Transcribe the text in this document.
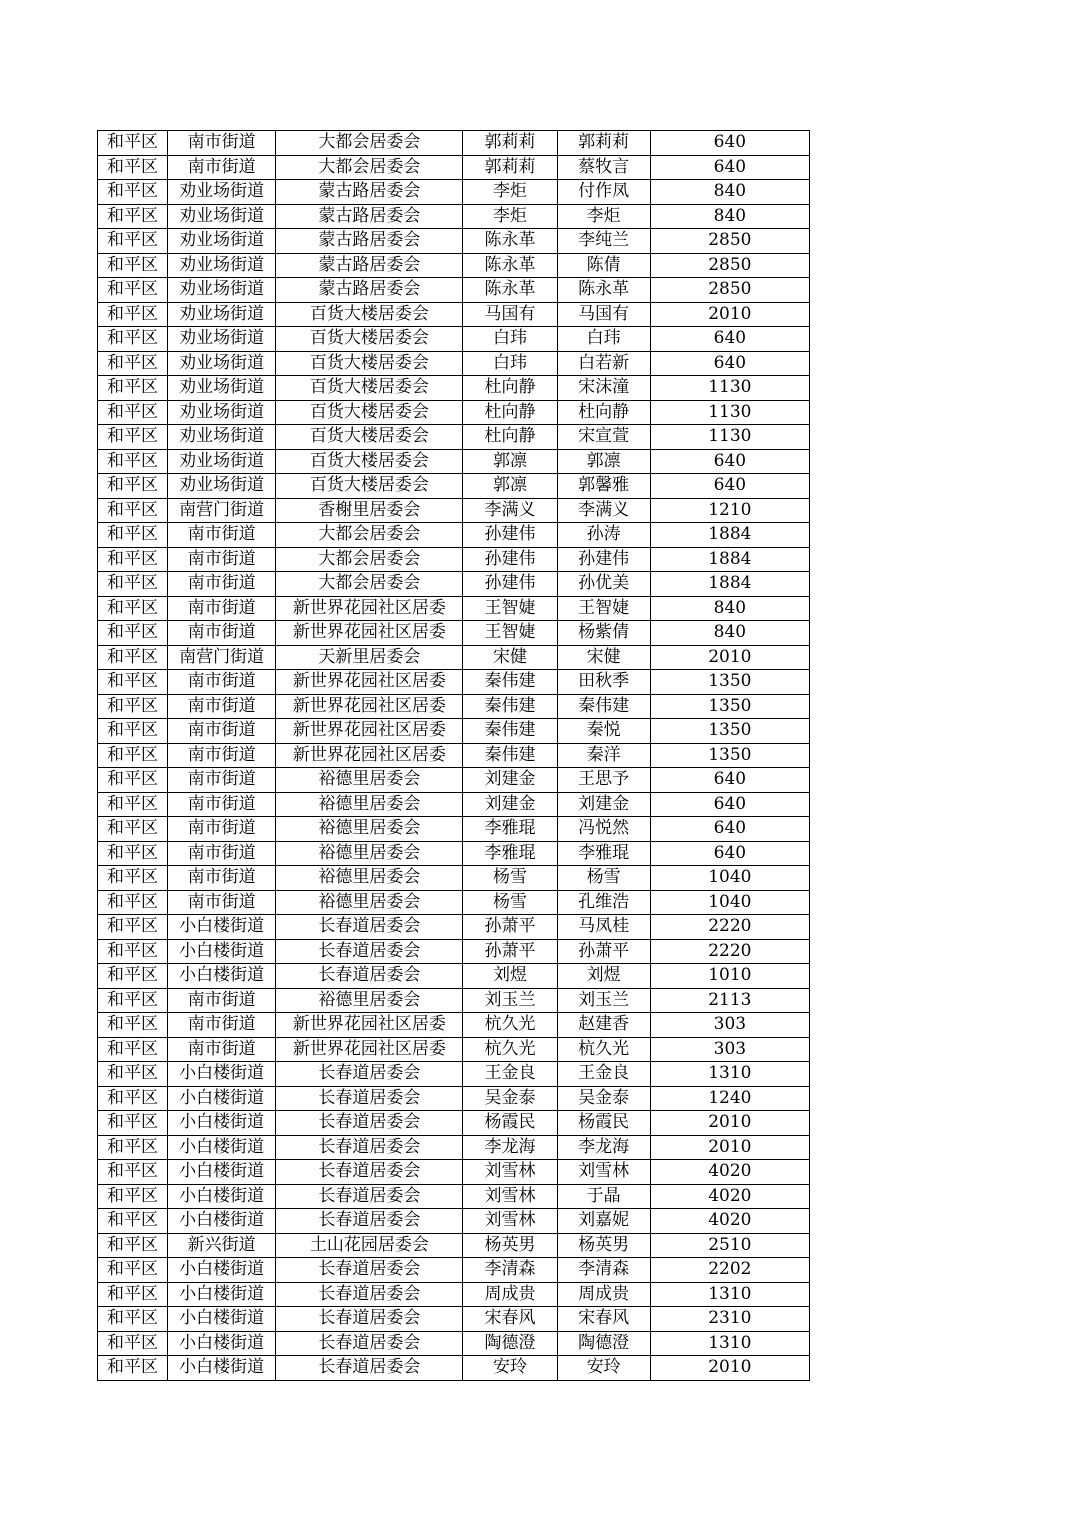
和平区	南市街道	大都会居委会	郭莉莉	郭莉莉	640
和平区	南市街道	大都会居委会	郭莉莉	蔡牧言	640
和平区	劝业场街道	蒙古路居委会	李炬	付作凤	840
和平区	劝业场街道	蒙古路居委会	李炬	李炬	840
和平区	劝业场街道	蒙古路居委会	陈永革	李纯兰	2850
和平区	劝业场街道	蒙古路居委会	陈永革	陈倩	2850
和平区	劝业场街道	蒙古路居委会	陈永革	陈永革	2850
和平区	劝业场街道	百货大楼居委会	马国有	马国有	2010
和平区	劝业场街道	百货大楼居委会	白玮	白玮	640
和平区	劝业场街道	百货大楼居委会	白玮	白若新	640
和平区	劝业场街道	百货大楼居委会	杜向静	宋沫潼	1130
和平区	劝业场街道	百货大楼居委会	杜向静	杜向静	1130
和平区	劝业场街道	百货大楼居委会	杜向静	宋宣萱	1130
和平区	劝业场街道	百货大楼居委会	郭凛	郭凛	640
和平区	劝业场街道	百货大楼居委会	郭凛	郭馨雅	640
和平区	南营门街道	香榭里居委会	李满义	李满义	1210
和平区	南市街道	大都会居委会	孙建伟	孙涛	1884
和平区	南市街道	大都会居委会	孙建伟	孙建伟	1884
和平区	南市街道	大都会居委会	孙建伟	孙优美	1884
和平区	南市街道	新世界花园社区居委	王智婕	王智婕	840
和平区	南市街道	新世界花园社区居委	王智婕	杨紫倩	840
和平区	南营门街道	天新里居委会	宋健	宋健	2010
和平区	南市街道	新世界花园社区居委	秦伟建	田秋季	1350
和平区	南市街道	新世界花园社区居委	秦伟建	秦伟建	1350
和平区	南市街道	新世界花园社区居委	秦伟建	秦悦	1350
和平区	南市街道	新世界花园社区居委	秦伟建	秦洋	1350
和平区	南市街道	裕德里居委会	刘建金	王思予	640
和平区	南市街道	裕德里居委会	刘建金	刘建金	640
和平区	南市街道	裕德里居委会	李雅琨	冯悦然	640
和平区	南市街道	裕德里居委会	李雅琨	李雅琨	640
和平区	南市街道	裕德里居委会	杨雪	杨雪	1040
和平区	南市街道	裕德里居委会	杨雪	孔维浩	1040
和平区	小白楼街道	长春道居委会	孙萧平	马凤桂	2220
和平区	小白楼街道	长春道居委会	孙萧平	孙萧平	2220
和平区	小白楼街道	长春道居委会	刘煜	刘煜	1010
和平区	南市街道	裕德里居委会	刘玉兰	刘玉兰	2113
和平区	南市街道	新世界花园社区居委	杭久光	赵建香	303
和平区	南市街道	新世界花园社区居委	杭久光	杭久光	303
和平区	小白楼街道	长春道居委会	王金良	王金良	1310
和平区	小白楼街道	长春道居委会	吴金泰	吴金泰	1240
和平区	小白楼街道	长春道居委会	杨霞民	杨霞民	2010
和平区	小白楼街道	长春道居委会	李龙海	李龙海	2010
和平区	小白楼街道	长春道居委会	刘雪林	刘雪林	4020
和平区	小白楼街道	长春道居委会	刘雪林	于晶	4020
和平区	小白楼街道	长春道居委会	刘雪林	刘嘉妮	4020
和平区	新兴街道	土山花园居委会	杨英男	杨英男	2510
和平区	小白楼街道	长春道居委会	李清森	李清森	2202
和平区	小白楼街道	长春道居委会	周成贵	周成贵	1310
和平区	小白楼街道	长春道居委会	宋春风	宋春风	2310
和平区	小白楼街道	长春道居委会	陶德澄	陶德澄	1310
和平区	小白楼街道	长春道居委会	安玲	安玲	2010
